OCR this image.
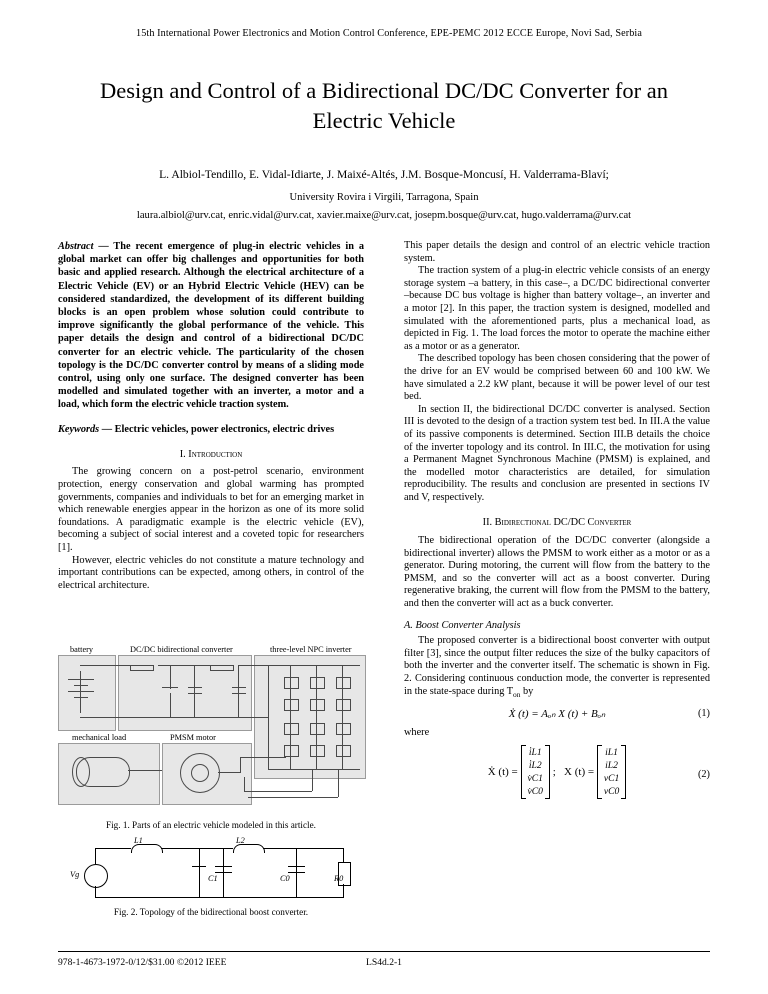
15th International Power Electronics and Motion Control Conference, EPE-PEMC 2012 ECCE Europe, Novi Sad, Serbia
Design and Control of a Bidirectional DC/DC Converter for an Electric Vehicle
L. Albiol-Tendillo, E. Vidal-Idiarte, J. Maixé-Altés, J.M. Bosque-Moncusí, H. Valderrama-Blaví;
University Rovira i Virgili, Tarragona, Spain
laura.albiol@urv.cat, enric.vidal@urv.cat, xavier.maixe@urv.cat, josepm.bosque@urv.cat, hugo.valderrama@urv.cat
Abstract — The recent emergence of plug-in electric vehicles in a global market can offer big challenges and opportunities for both basic and applied research. Although the electrical architecture of a Electric Vehicle (EV) or an Hybrid Electric Vehicle (HEV) can be considered standardized, the development of its different building blocks is an open problem whose solution could contribute to improve significantly the global performance of the vehicle. This paper details the design and control of a bidirectional DC/DC converter for an electric vehicle. The particularity of the chosen topology is the DC/DC converter control by means of a sliding mode control, using only one surface. The designed converter has been modelled and simulated together with an inverter, a motor and a load, which form the electric vehicle traction system.
Keywords — Electric vehicles, power electronics, electric drives
I. Introduction

The growing concern on a post-petrol scenario, environment protection, energy conservation and global warming has prompted governments, companies and individuals to bet for an emerging market in which renewable energies appear in the horizon as one of its more solid foundations. A paradigmatic example is the electric vehicle (EV), becoming a subject of social interest and a coveted topic for researchers [1].

However, electric vehicles do not constitute a mature technology and important contributions can be expected, among others, in control of the electrical architecture.

This paper details the design and control of an electric vehicle traction system.

The traction system of a plug-in electric vehicle consists of an energy storage system –a battery, in this case–, a DC/DC bidirectional converter –because DC bus voltage is higher than battery voltage–, an inverter and a motor [2]. In this paper, the traction system is designed, modelled and simulated with the aforementioned parts, plus a mechanical load, as depicted in Fig. 1. The load forces the motor to operate the machine either as a motor or as a generator.

The described topology has been chosen considering that the power of the drive for an EV would be comprised between 60 and 100 kW. We have simulated a 2.2 kW plant, because it will be power level of our test bed.

In section II, the bidirectional DC/DC converter is analysed. Section III is devoted to the design of a traction system test bed. In III.A the value of its passive components is determined. Section III.B details the choice of the inverter topology and its control. In III.C, the motivation for using a Permanent Magnet Synchronous Machine (PMSM) is explained, and the modelled motor characteristics are detailed, for simulation reproducibility. The results and conclusion are presented in sections IV and V, respectively.

II. Bidirectional DC/DC Converter

The bidirectional operation of the DC/DC converter (alongside a bidirectional inverter) allows the PMSM to work either as a motor or as a generator. During motoring, the current will flow from the battery to the PMSM, and so the converter will act as a boost converter. During regenerative braking, the current will flow from the PMSM to the battery, and then the converter will act as a buck converter.

A. Boost Converter Analysis

The proposed converter is a bidirectional boost converter with output filter [3], since the output filter reduces the size of the bulky capacitors of both the inverter and the converter itself. The schematic is shown in Fig. 2. Considering continuous conduction mode, the converter is represented in the state-space during $T_{on}$ by

Ẋ (t) = Aₒₙ X (t) + Bₒₙ	(1)

where

Ẋ (t) =
i̇L1
i̇L2
v̇C1
v̇C0
; X (t) =
iL1
iL2
vC1
vC0
(2)
battery	DC/DC bidirectional converter	three-level NPC inverter
mechanical load	PMSM motor
Fig. 1. Parts of an electric vehicle modeled in this article.
L1	L2
Vg	C1	C0	R0
Fig. 2. Topology of the bidirectional boost converter.
978-1-4673-1972-0/12/$31.00 ©2012 IEEE	LS4d.2-1
